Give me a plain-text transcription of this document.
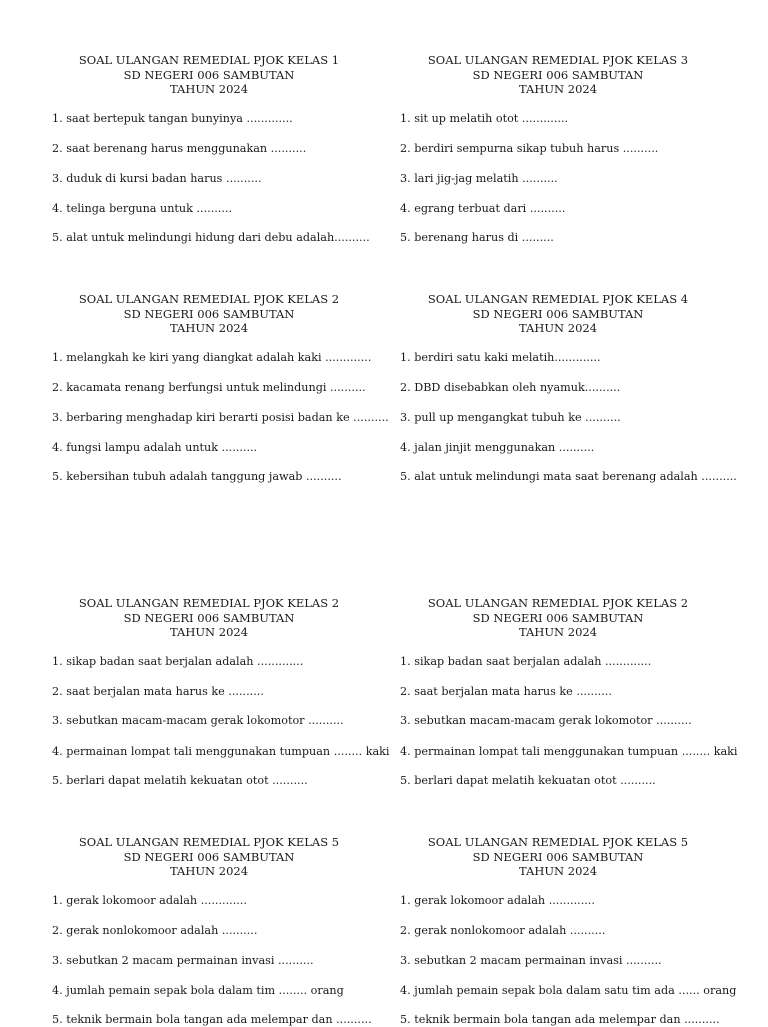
SOAL ULANGAN REMEDIAL PJOK KELAS 1
SD NEGERI 006 SAMBUTAN
TAHUN 2024
1. saat bertepuk tangan bunyinya .............
2. saat berenang harus menggunakan ..........
3. duduk di kursi badan harus ..........
4. telinga berguna untuk ..........
5. alat untuk melindungi hidung dari debu adalah..........
SOAL ULANGAN REMEDIAL PJOK KELAS 3
SD NEGERI 006 SAMBUTAN
TAHUN 2024
1. sit up melatih otot .............
2. berdiri sempurna sikap tubuh harus ..........
3. lari jig-jag melatih ..........
4. egrang terbuat dari ..........
5. berenang harus di .........
SOAL ULANGAN REMEDIAL PJOK KELAS 2
SD NEGERI 006 SAMBUTAN
TAHUN 2024
1. melangkah ke kiri yang diangkat adalah kaki .............
2. kacamata renang berfungsi untuk melindungi ..........
3. berbaring menghadap kiri berarti posisi badan ke ..........
4. fungsi lampu adalah untuk ..........
5. kebersihan tubuh adalah tanggung jawab ..........
SOAL ULANGAN REMEDIAL PJOK KELAS 4
SD NEGERI 006 SAMBUTAN
TAHUN 2024
1. berdiri satu kaki melatih.............
2. DBD disebabkan oleh nyamuk..........
3. pull up mengangkat tubuh ke ..........
4. jalan jinjit menggunakan ..........
5. alat untuk melindungi mata saat berenang adalah ..........
SOAL ULANGAN REMEDIAL PJOK KELAS 2
SD NEGERI 006 SAMBUTAN
TAHUN 2024
1. sikap badan saat berjalan adalah .............
2. saat berjalan mata harus ke ..........
3. sebutkan macam-macam gerak lokomotor ..........
4. permainan lompat tali menggunakan tumpuan ........ kaki
5. berlari dapat melatih kekuatan otot ..........
SOAL ULANGAN REMEDIAL PJOK KELAS 2
SD NEGERI 006 SAMBUTAN
TAHUN 2024
1. sikap badan saat berjalan adalah .............
2. saat berjalan mata harus ke ..........
3. sebutkan macam-macam gerak lokomotor ..........
4. permainan lompat tali menggunakan tumpuan ........ kaki
5. berlari dapat melatih kekuatan otot ..........
SOAL ULANGAN REMEDIAL PJOK KELAS 5
SD NEGERI 006 SAMBUTAN
TAHUN 2024
1. gerak lokomoor adalah .............
2. gerak nonlokomoor adalah ..........
3. sebutkan 2 macam permainan invasi ..........
4. jumlah pemain sepak bola dalam tim ........ orang
5. teknik bermain bola tangan ada melempar dan ..........
SOAL ULANGAN REMEDIAL PJOK KELAS 5
SD NEGERI 006 SAMBUTAN
TAHUN 2024
1. gerak lokomoor adalah .............
2. gerak nonlokomoor adalah ..........
3. sebutkan 2 macam permainan invasi ..........
4. jumlah pemain sepak bola dalam satu tim ada ...... orang
5. teknik bermain bola tangan ada melempar dan ..........
